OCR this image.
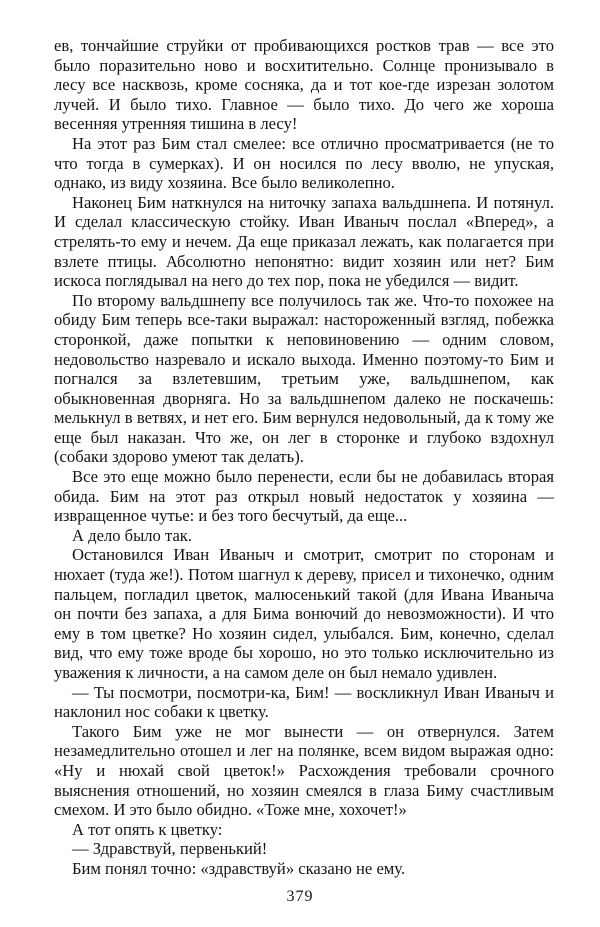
ев, тончайшие струйки от пробивающихся ростков трав — все это было поразительно ново и восхитительно. Солнце пронизывало в лесу все насквозь, кроме сосняка, да и тот кое-где изрезан золотом лучей. И было тихо. Главное — было тихо. До чего же хороша весенняя утренняя тишина в лесу!

На этот раз Бим стал смелее: все отлично просматривается (не то что тогда в сумерках). И он носился по лесу вволю, не упуская, однако, из виду хозяина. Все было великолепно.

Наконец Бим наткнулся на ниточку запаха вальдшнепа. И потянул. И сделал классическую стойку. Иван Иваныч послал «Вперед», а стрелять-то ему и нечем. Да еще приказал лежать, как полагается при взлете птицы. Абсолютно непонятно: видит хозяин или нет? Бим искоса поглядывал на него до тех пор, пока не убедился — видит.

По второму вальдшнепу все получилось так же. Что-то похожее на обиду Бим теперь все-таки выражал: настороженный взгляд, побежка сторонкой, даже попытки к неповиновению — одним словом, недовольство назревало и искало выхода. Именно поэтому-то Бим и погнался за взлетевшим, третьим уже, вальдшнепом, как обыкновенная дворняга. Но за вальдшнепом далеко не поскачешь: мелькнул в ветвях, и нет его. Бим вернулся недовольный, да к тому же еще был наказан. Что же, он лег в сторонке и глубоко вздохнул (собаки здорово умеют так делать).

Все это еще можно было перенести, если бы не добавилась вторая обида. Бим на этот раз открыл новый недостаток у хозяина — извращенное чутье: и без того бесчутый, да еще...

А дело было так.

Остановился Иван Иваныч и смотрит, смотрит по сторонам и нюхает (туда же!). Потом шагнул к дереву, присел и тихонечко, одним пальцем, погладил цветок, малюсенький такой (для Ивана Иваныча он почти без запаха, а для Бима вонючий до невозможности). И что ему в том цветке? Но хозяин сидел, улыбался. Бим, конечно, сделал вид, что ему тоже вроде бы хорошо, но это только исключительно из уважения к личности, а на самом деле он был немало удивлен.

— Ты посмотри, посмотри-ка, Бим! — воскликнул Иван Иваныч и наклонил нос собаки к цветку.

Такого Бим уже не мог вынести — он отвернулся. Затем незамедлительно отошел и лег на полянке, всем видом выражая одно: «Ну и нюхай свой цветок!» Расхождения требовали срочного выяснения отношений, но хозяин смеялся в глаза Биму счастливым смехом. И это было обидно. «Тоже мне, хохочет!»

А тот опять к цветку:

— Здравствуй, первенький!

Бим понял точно: «здравствуй» сказано не ему.

379
